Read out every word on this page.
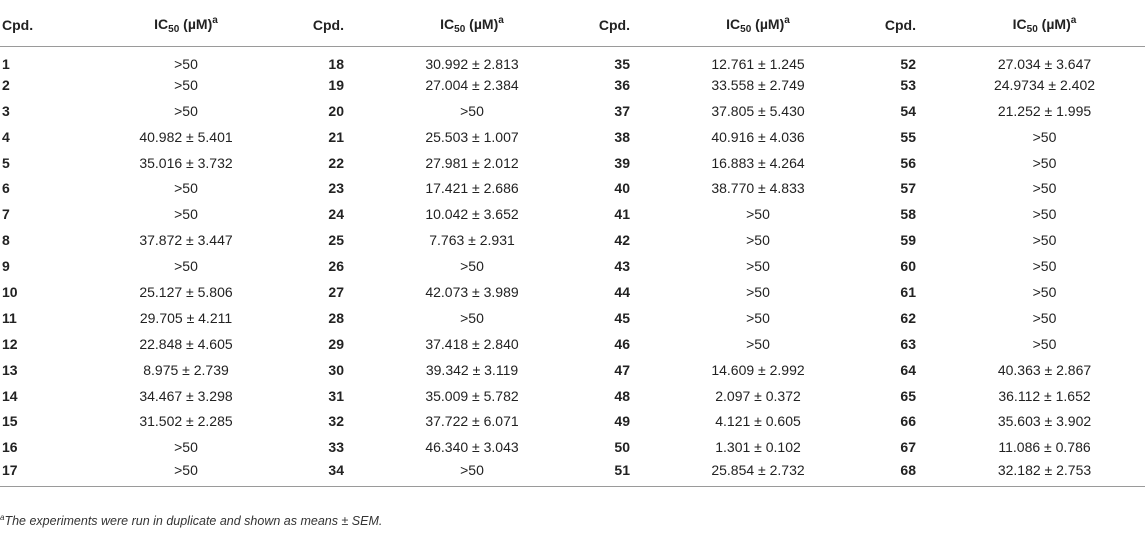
Cpd.	$IC_{50}$ $(\mu M)^a$	Cpd.	$IC_{50}$ $(\mu M)^a$	Cpd.	$IC_{50}$ $(\mu M)^a$	Cpd.	$IC_{50}$ $(\mu M)^a$
1	>50	18	30.992 ± 2.813	35	12.761 ± 1.245	52	27.034 ± 3.647
2	>50	19	27.004 ± 2.384	36	33.558 ± 2.749	53	24.9734 ± 2.402
3	>50	20	>50	37	37.805 ± 5.430	54	21.252 ± 1.995
4	40.982 ± 5.401	21	25.503 ± 1.007	38	40.916 ± 4.036	55	>50
5	35.016 ± 3.732	22	27.981 ± 2.012	39	16.883 ± 4.264	56	>50
6	>50	23	17.421 ± 2.686	40	38.770 ± 4.833	57	>50
7	>50	24	10.042 ± 3.652	41	>50	58	>50
8	37.872 ± 3.447	25	7.763 ± 2.931	42	>50	59	>50
9	>50	26	>50	43	>50	60	>50
10	25.127 ± 5.806	27	42.073 ± 3.989	44	>50	61	>50
11	29.705 ± 4.211	28	>50	45	>50	62	>50
12	22.848 ± 4.605	29	37.418 ± 2.840	46	>50	63	>50
13	8.975 ± 2.739	30	39.342 ± 3.119	47	14.609 ± 2.992	64	40.363 ± 2.867
14	34.467 ± 3.298	31	35.009 ± 5.782	48	2.097 ± 0.372	65	36.112 ± 1.652
15	31.502 ± 2.285	32	37.722 ± 6.071	49	4.121 ± 0.605	66	35.603 ± 3.902
16	>50	33	46.340 ± 3.043	50	1.301 ± 0.102	67	11.086 ± 0.786
17	>50	34	>50	51	25.854 ± 2.732	68	32.182 ± 2.753
$^a$The experiments were run in duplicate and shown as means ± SEM.
